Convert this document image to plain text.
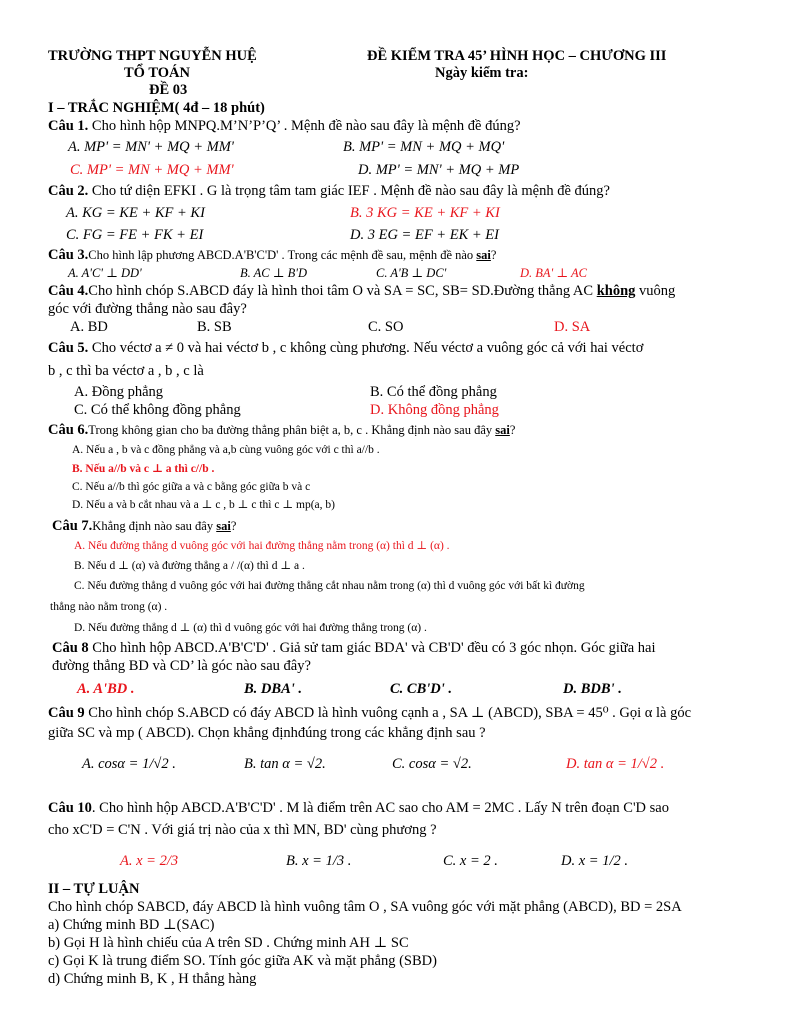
TRƯỜNG THPT NGUYỄN HUỆ	ĐỀ KIỂM TRA 45’ HÌNH HỌC – CHƯƠNG III
TỔ TOÁN	Ngày kiểm tra:
ĐỀ 03
I – TRẮC NGHIỆM( 4đ – 18 phút)
Câu 1. Cho hình hộp MNPQ.M’N’P’Q’ . Mệnh đề nào sau đây là mệnh đề đúng?
A. MP' = MN' + MQ + MM'	B. MP' = MN + MQ + MQ'
C. MP' = MN + MQ + MM'	D. MP' = MN' + MQ + MP
Câu 2. Cho tứ diện EFKI . G là trọng tâm tam giác IEF . Mệnh đề nào sau đây là mệnh đề đúng?
A. KG = KE + KF + KI	B. 3 KG = KE + KF + KI
C. FG = FE + FK + EI	D. 3 EG = EF + EK + EI
Câu 3.Cho hình lập phương ABCD.A'B'C'D' . Trong các mệnh đề sau, mệnh đề nào sai?
A. A'C' ⊥ DD'	B. AC ⊥ B'D	C. A'B ⊥ DC'	D. BA' ⊥ AC
Câu 4.Cho hình chóp S.ABCD đáy là hình thoi tâm O và SA = SC, SB= SD.Đường thẳng AC không vuông
góc với đường thẳng nào sau đây?
A. BD	B. SB	C. SO	D. SA
Câu 5. Cho véctơ a ≠ 0 và hai véctơ b , c không cùng phương. Nếu véctơ a vuông góc cả với hai véctơ
b , c thì ba véctơ a , b , c là
A. Đồng phẳng	B. Có thể đồng phẳng
C. Có thể không đồng phẳng	D. Không đồng phẳng
Câu 6.Trong không gian cho ba đường thẳng phân biệt a, b, c . Khẳng định nào sau đây sai?
A. Nếu a , b và c đồng phẳng và a,b cùng vuông góc với c thì a//b .
B. Nếu a//b và c ⊥ a thì c//b .
C. Nếu a//b thì góc giữa a và c bằng góc giữa b và c
D. Nếu a và b cắt nhau và a ⊥ c , b ⊥ c thì c ⊥ mp(a, b)
Câu 7.Khẳng định nào sau đây sai?
A. Nếu đường thẳng d vuông góc với hai đường thẳng nằm trong (α) thì d ⊥ (α) .
B. Nếu d ⊥ (α) và đường thẳng a / /(α) thì d ⊥ a .
C. Nếu đường thẳng d vuông góc với hai đường thẳng cắt nhau nằm trong (α) thì d vuông góc với bất kì đường
thẳng nào nằm trong (α) .
D. Nếu đường thẳng d ⊥ (α) thì d vuông góc với hai đường thẳng trong (α) .
Câu 8 Cho hình hộp ABCD.A'B'C'D' . Giả sử tam giác BDA' và CB'D' đều có 3 góc nhọn. Góc giữa hai
đường thẳng BD và CD’ là góc nào sau đây?
A. A'BD .	B. DBA' .	C. CB'D' .	D. BDB' .
Câu 9 Cho hình chóp S.ABCD có đáy ABCD là hình vuông cạnh a , SA ⊥ (ABCD), SBA = 45⁰ . Gọi α là góc
giữa SC và mp ( ABCD). Chọn khẳng địnhđúng trong các khẳng định sau ?
A. cosα = 1/√2 .	B. tan α = √2.	C. cosα = √2.	D. tan α = 1/√2 .
Câu 10. Cho hình hộp ABCD.A'B'C'D' . M là điểm trên AC sao cho AM = 2MC . Lấy N trên đoạn C'D sao
cho xC'D = C'N . Với giá trị nào của x thì MN, BD' cùng phương ?
A. x = 2/3	B. x = 1/3 .	C. x = 2 .	D. x = 1/2 .
II – TỰ LUẬN
Cho hình chóp SABCD, đáy ABCD là hình vuông tâm O , SA vuông góc với mặt phẳng (ABCD), BD = 2SA
a) Chứng minh BD ⊥(SAC)
b) Gọi H là hình chiếu của A trên SD . Chứng minh AH ⊥ SC
c) Gọi K là trung điểm SO. Tính góc giữa AK và mặt phẳng (SBD)
d) Chứng minh B, K , H thẳng hàng
